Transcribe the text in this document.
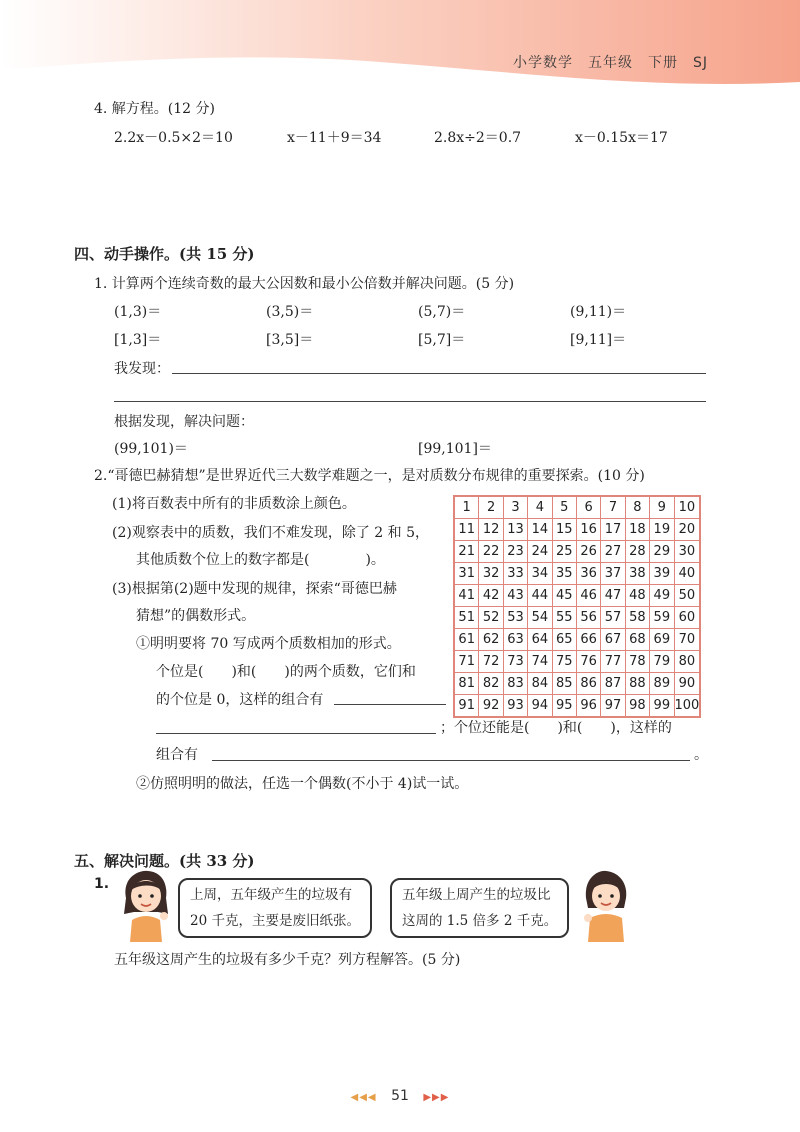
小学数学　五年级　下册　SJ
4. 解方程。(12 分)
2.2x－0.5×2＝10	x－11＋9＝34	2.8x÷2＝0.7	x－0.15x＝17
四、动手操作。(共 15 分)
1. 计算两个连续奇数的最大公因数和最小公倍数并解决问题。(5 分)
(1,3)＝	(3,5)＝	(5,7)＝	(9,11)＝
[1,3]＝	[3,5]＝	[5,7]＝	[9,11]＝
我发现：
根据发现，解决问题：
(99,101)＝	[99,101]＝
2.“哥德巴赫猜想”是世界近代三大数学难题之一，是对质数分布规律的重要探索。(10 分)
(1)将百数表中所有的非质数涂上颜色。
(2)观察表中的质数，我们不难发现，除了 2 和 5，
其他质数个位上的数字都是(　　　　)。
(3)根据第(2)题中发现的规律，探索“哥德巴赫
猜想”的偶数形式。
①明明要将 70 写成两个质数相加的形式。
个位是(　　)和(　　)的两个质数，它们和
的个位是 0，这样的组合有
；个位还能是(　　)和(　　)，这样的
组合有	。
②仿照明明的做法，任选一个偶数(不小于 4)试一试。
1	2	3	4	5	6	7	8	9	10
11	12	13	14	15	16	17	18	19	20
21	22	23	24	25	26	27	28	29	30
31	32	33	34	35	36	37	38	39	40
41	42	43	44	45	46	47	48	49	50
51	52	53	54	55	56	57	58	59	60
61	62	63	64	65	66	67	68	69	70
71	72	73	74	75	76	77	78	79	80
81	82	83	84	85	86	87	88	89	90
91	92	93	94	95	96	97	98	99	100
五、解决问题。(共 33 分)
1.
上周，五年级产生的垃圾有
20 千克，主要是废旧纸张。
五年级上周产生的垃圾比
这周的 1.5 倍多 2 千克。
五年级这周产生的垃圾有多少千克？列方程解答。(5 分)
◀◀◀ 51 ▶▶▶
